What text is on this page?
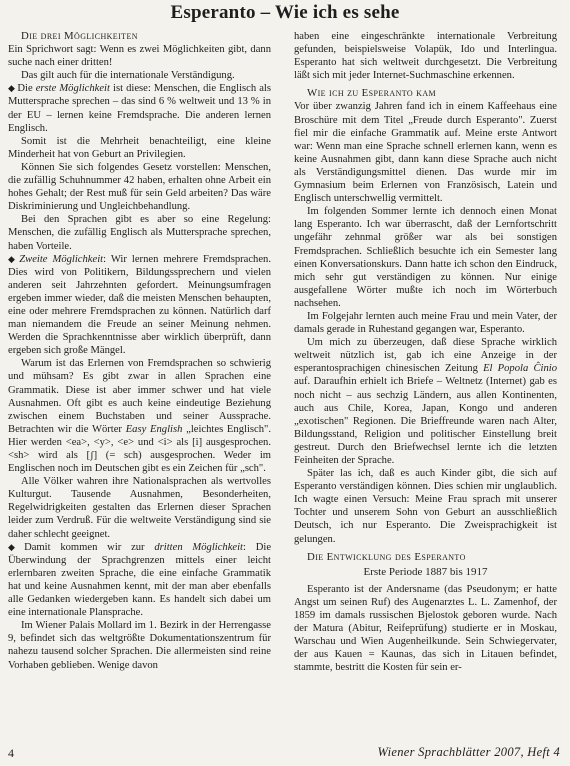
Esperanto – Wie ich es sehe

Die drei Möglichkeiten

Ein Sprichwort sagt: Wenn es zwei Möglichkeiten gibt, dann suche nach einer dritten!

Das gilt auch für die internationale Verständigung.

◆ Die erste Möglichkeit ist diese: Menschen, die Englisch als Muttersprache sprechen – das sind 6 % weltweit und 13 % in der EU – lernen keine Fremdsprache. Die anderen lernen Englisch.

Somit ist die Mehrheit benachteiligt, eine kleine Minderheit hat von Geburt an Privilegien.

Können Sie sich folgendes Gesetz vorstellen: Menschen, die zufällig Schuhnummer 42 haben, erhalten ohne Arbeit ein hohes Gehalt; der Rest muß für sein Geld arbeiten? Das wäre Diskriminierung und Ungleichbehandlung.

Bei den Sprachen gibt es aber so eine Regelung: Menschen, die zufällig Englisch als Muttersprache sprechen, haben Vorteile.

◆ Zweite Möglichkeit: Wir lernen mehrere Fremdsprachen. Dies wird von Politikern, Bildungssprechern und vielen anderen seit Jahrzehnten gefordert. Meinungsumfragen ergeben immer wieder, daß die meisten Menschen behaupten, eine oder mehrere Fremdsprachen zu können. Natürlich darf man niemandem die Freude an seiner Meinung nehmen. Werden die Sprachkenntnisse aber wirklich überprüft, dann ergeben sich große Mängel.

Warum ist das Erlernen von Fremdsprachen so schwierig und mühsam? Es gibt zwar in allen Sprachen eine Grammatik. Diese ist aber immer schwer und hat viele Ausnahmen. Oft gibt es auch keine eindeutige Beziehung zwischen einem Buchstaben und seiner Aussprache. Betrachten wir die Wörter Easy English „leichtes Englisch". Hier werden <ea>, <y>, <e> und <i> als [i] ausgesprochen. <sh> wird als [ʃ] (= sch) ausgesprochen. Weder im Englischen noch im Deutschen gibt es ein Zeichen für „sch".

Alle Völker wahren ihre Nationalsprachen als wertvolles Kulturgut. Tausende Ausnahmen, Besonderheiten, Regelwidrigkeiten gestalten das Erlernen dieser Sprachen leider zum Verdruß. Für die weltweite Verständigung sind sie daher schlecht geeignet.

◆ Damit kommen wir zur dritten Möglichkeit: Die Überwindung der Sprachgrenzen mittels einer leicht erlernbaren zweiten Sprache, die eine einfache Grammatik hat und keine Ausnahmen kennt, mit der man aber ebenfalls alle Gedanken wiedergeben kann. Es handelt sich dabei um eine internationale Plansprache.

Im Wiener Palais Mollard im 1. Bezirk in der Herrengasse 9, befindet sich das weltgrößte Dokumentationszentrum für nahezu tausend solcher Sprachen. Die allermeisten sind reine Vorhaben geblieben. Wenige davon

haben eine eingeschränkte internationale Verbreitung gefunden, beispielsweise Volapük, Ido und Interlingua. Esperanto hat sich weltweit durchgesetzt. Die Verbreitung läßt sich mit jeder Internet-Suchmaschine erkennen.

Wie ich zu Esperanto kam

Vor über zwanzig Jahren fand ich in einem Kaffeehaus eine Broschüre mit dem Titel „Freude durch Esperanto". Zuerst fiel mir die einfache Grammatik auf. Meine erste Antwort war: Wenn man eine Sprache schnell erlernen kann, wenn es keine Ausnahmen gibt, dann kann diese Sprache auch nicht als Verständigungsmittel dienen. Das wurde mir im Gymnasium beim Erlernen von Französisch, Latein und Englisch unterschwellig vermittelt.

Im folgenden Sommer lernte ich dennoch einen Monat lang Esperanto. Ich war überrascht, daß der Lernfortschritt ungefähr zehnmal größer war als bei sonstigen Fremdsprachen. Schließlich besuchte ich ein Semester lang einen Konversationskurs. Dann hatte ich schon den Eindruck, mich sehr gut verständigen zu können. Nur einige ausgefallene Wörter mußte ich noch im Wörterbuch nachsehen.

Im Folgejahr lernten auch meine Frau und mein Vater, der damals gerade in Ruhestand gegangen war, Esperanto.

Um mich zu überzeugen, daß diese Sprache wirklich weltweit nützlich ist, gab ich eine Anzeige in der esperantosprachigen chinesischen Zeitung El Popola Ĉinio auf. Daraufhin erhielt ich Briefe – Weltnetz (Internet) gab es noch nicht – aus sechzig Ländern, aus allen Kontinenten, auch aus Chile, Korea, Japan, Kongo und anderen „exotischen" Regionen. Die Brieffreunde waren nach Alter, Bildungsstand, Religion und politischer Einstellung breit gestreut. Durch den Briefwechsel lernte ich die letzten Feinheiten der Sprache.

Später las ich, daß es auch Kinder gibt, die sich auf Esperanto verständigen können. Dies schien mir unglaublich. Ich wagte einen Versuch: Meine Frau sprach mit unserer Tochter und unserem Sohn von Geburt an ausschließlich Deutsch, ich nur Esperanto. Die Zweisprachigkeit ist gelungen.

Die Entwicklung des Esperanto

Erste Periode 1887 bis 1917

Esperanto ist der Andersname (das Pseudonym; er hatte Angst um seinen Ruf) des Augenarztes L. L. Zamenhof, der 1859 im damals russischen Bjelostok geboren wurde. Nach der Matura (Abitur, Reifeprüfung) studierte er in Moskau, Warschau und Wien Augenheilkunde. Sein Schwiegervater, der aus Kauen = Kaunas, das sich in Litauen befindet, stammte, bestritt die Kosten für sein er-

4	Wiener Sprachblätter 2007, Heft 4
